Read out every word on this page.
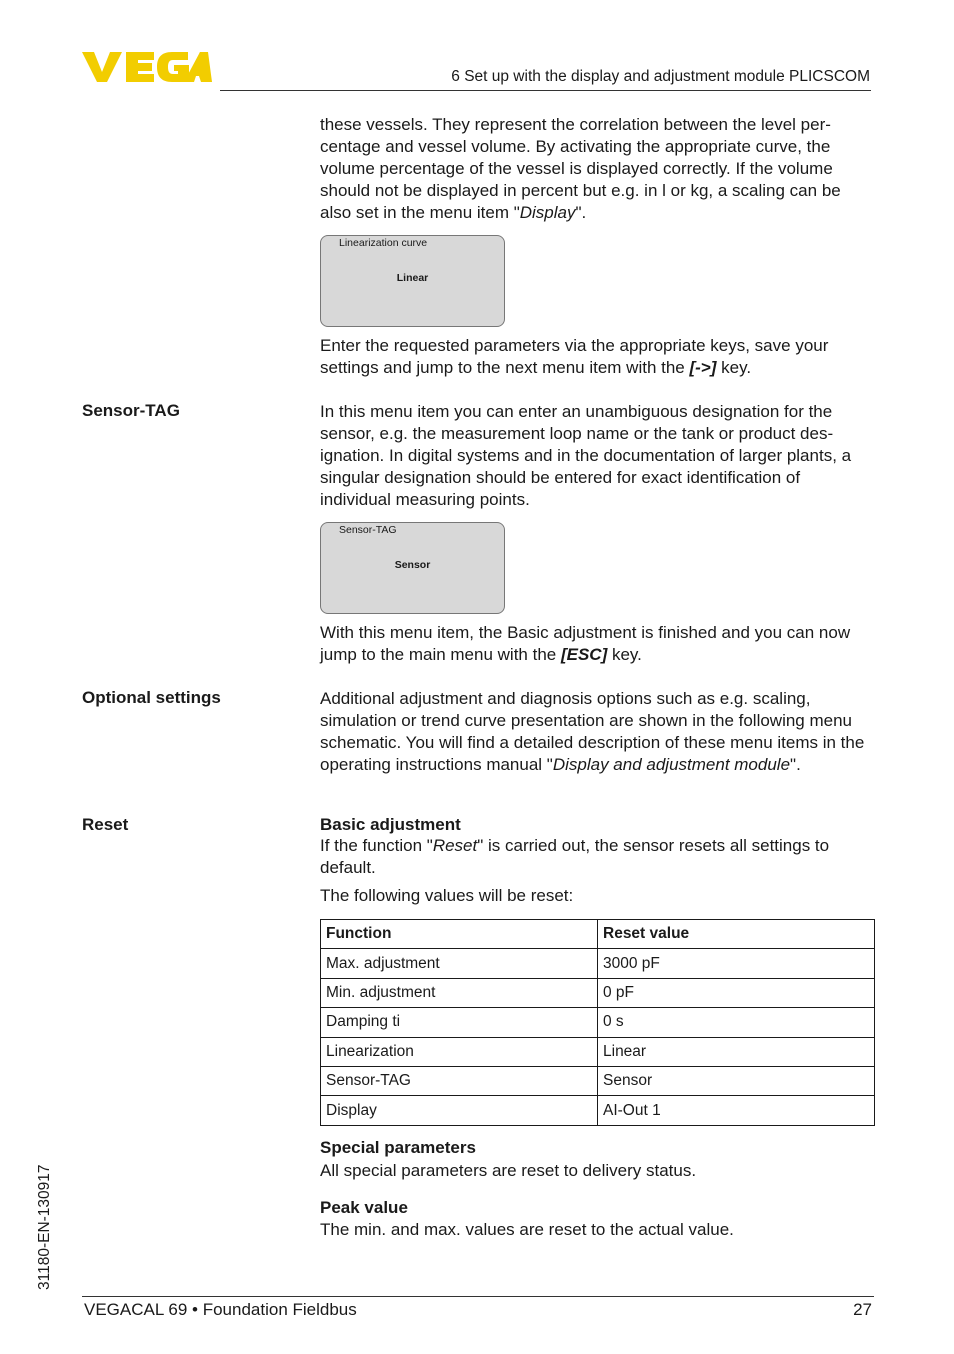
6 Set up with the display and adjustment module PLICSCOM

these vessels. They represent the correlation between the level per-centage and vessel volume. By activating the appropriate curve, the volume percentage of the vessel is displayed correctly. If the volume should not be displayed in percent but e.g. in l or kg, a scaling can be also set in the menu item "Display".

Linearization curve
Linear

Enter the requested parameters via the appropriate keys, save your settings and jump to the next menu item with the [->] key.

Sensor-TAG	In this menu item you can enter an unambiguous designation for the sensor, e.g. the measurement loop name or the tank or product des-ignation. In digital systems and in the documentation of larger plants, a singular designation should be entered for exact identification of individual measuring points.

Sensor-TAG
Sensor

With this menu item, the Basic adjustment is finished and you can now jump to the main menu with the [ESC] key.

Optional settings	Additional adjustment and diagnosis options such as e.g. scaling, simulation or trend curve presentation are shown in the following menu schematic. You will find a detailed description of these menu items in the operating instructions manual "Display and adjustment module".

Reset	Basic adjustment

If the function "Reset" is carried out, the sensor resets all settings to default.

The following values will be reset:

Function	Reset value
Max. adjustment	3000 pF
Min. adjustment	0 pF
Damping ti	0 s
Linearization	Linear
Sensor-TAG	Sensor
Display	AI-Out 1
Special parameters

All special parameters are reset to delivery status.

Peak value

The min. and max. values are reset to the actual value.

31180-EN-130917
VEGACAL 69 • Foundation Fieldbus	27
